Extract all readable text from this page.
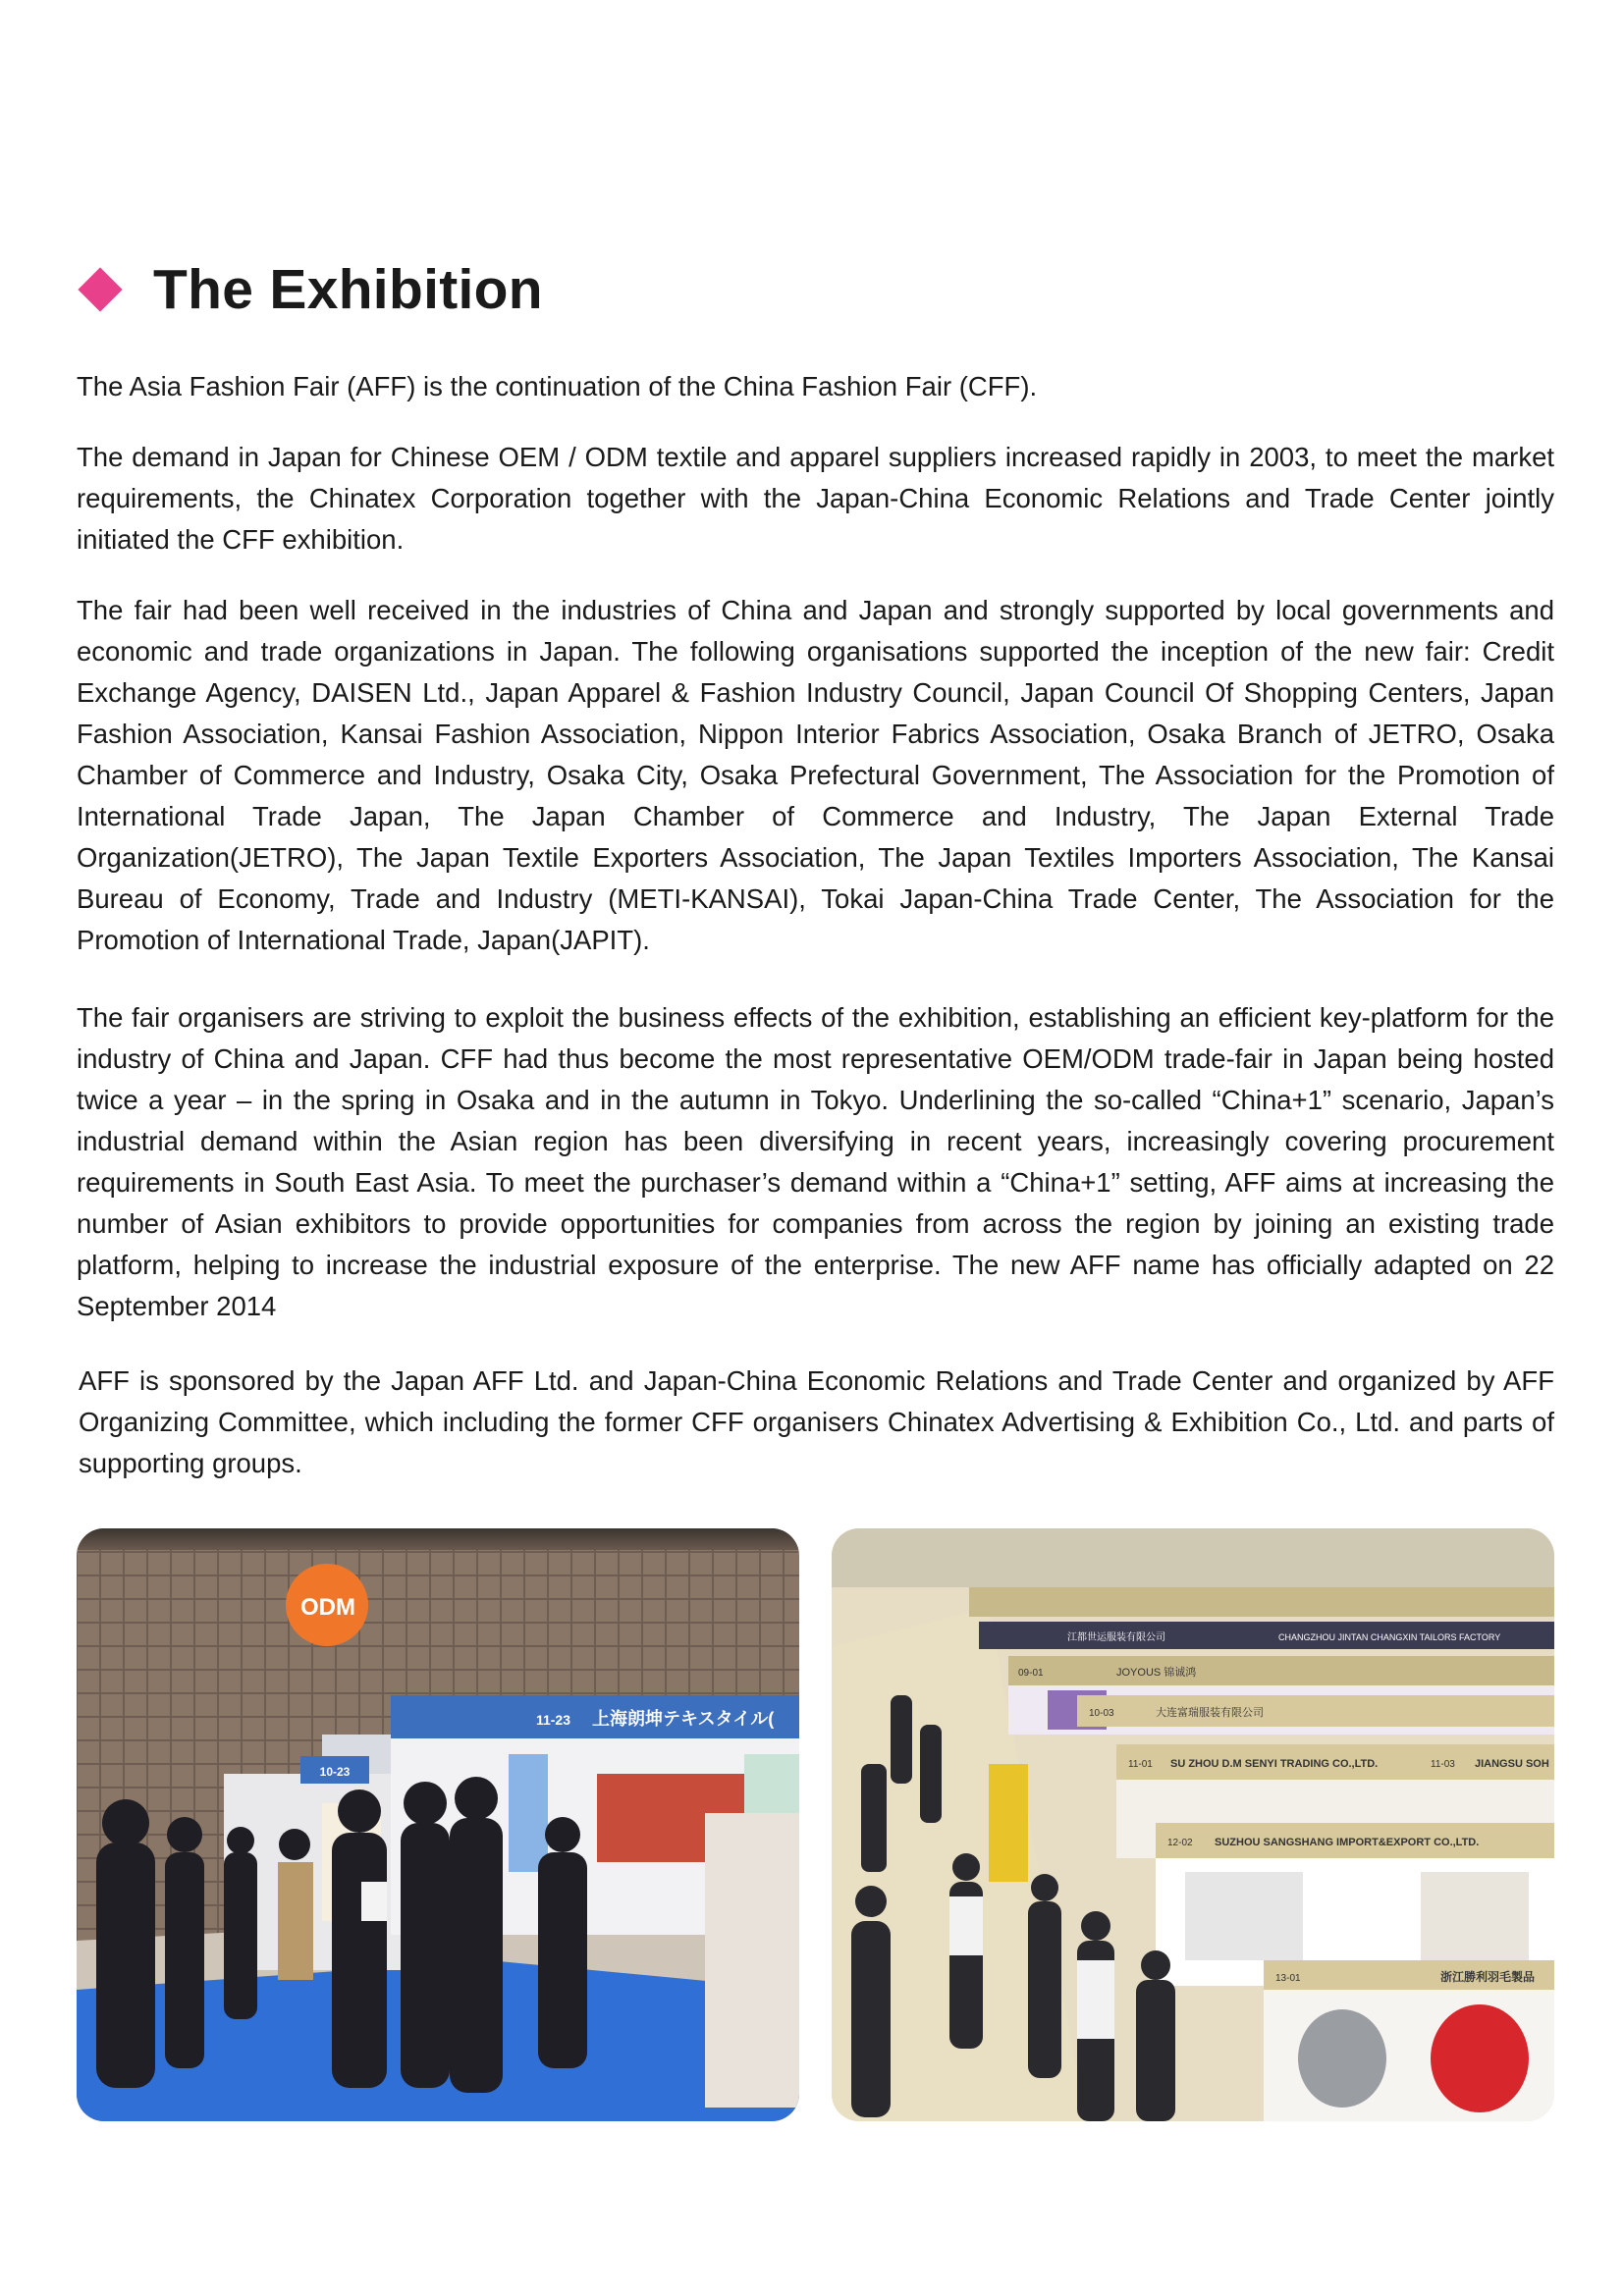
The Exhibition

The Asia Fashion Fair (AFF) is the continuation of the China Fashion Fair (CFF).

The demand in Japan for Chinese OEM / ODM textile and apparel suppliers increased rapidly in 2003, to meet the market requirements, the Chinatex Corporation together with the Japan-China Economic Relations and Trade Center jointly initiated the CFF exhibition.

The fair had been well received in the industries of China and Japan and strongly supported by local governments and economic and trade organizations in Japan. The following organisations supported the inception of the new fair: Credit Exchange Agency, DAISEN Ltd., Japan Apparel & Fashion Industry Council, Japan Council Of Shopping Centers, Japan Fashion Association, Kansai Fashion Association, Nippon Interior Fabrics Association, Osaka Branch of JETRO, Osaka Chamber of Commerce and Industry, Osaka City, Osaka Prefectural Government, The Association for the Promotion of International Trade Japan, The Japan Chamber of Commerce and Industry, The Japan External Trade Organization(JETRO), The Japan Textile Exporters Association, The Japan Textiles Importers Association, The Kansai Bureau of Economy, Trade and Industry (METI-KANSAI), Tokai Japan-China Trade Center, The Association for the Promotion of International Trade, Japan(JAPIT).

The fair organisers are striving to exploit the business effects of the exhibition, establishing an efficient key-platform for the industry of China and Japan. CFF had thus become the most representative OEM/ODM trade-fair in Japan being hosted twice a year – in the spring in Osaka and in the autumn in Tokyo. Underlining the so-called “China+1” scenario, Japan’s industrial demand within the Asian region has been diversifying in recent years, increasingly covering procurement requirements in South East Asia. To meet the purchaser’s demand within a “China+1” setting, AFF aims at increasing the number of Asian exhibitors to provide opportunities for companies from across the region by joining an existing trade platform, helping to increase the industrial exposure of the enterprise. The new AFF name has officially adapted on 22 September 2014

AFF is sponsored by the Japan AFF Ltd. and Japan-China Economic Relations and Trade Center and organized by AFF Organizing Committee, which including the former CFF organisers Chinatex Advertising & Exhibition Co., Ltd. and parts of supporting groups.

ODM
上海朗坤テキスタイル(
11-23
10-23
江都世运服装有限公司	CHANGZHOU JINTAN CHANGXIN TAILORS FACTORY
09-01	JOYOUS 锦诚鸿
10-03	大连富瑞服装有限公司
11-01 SU ZHOU D.M SENYI TRADING CO.,LTD.	11-03 JIANGSU SOH
12-02 SUZHOU SANGSHANG IMPORT&EXPORT CO.,LTD.
13-01	浙江勝利羽毛製品
